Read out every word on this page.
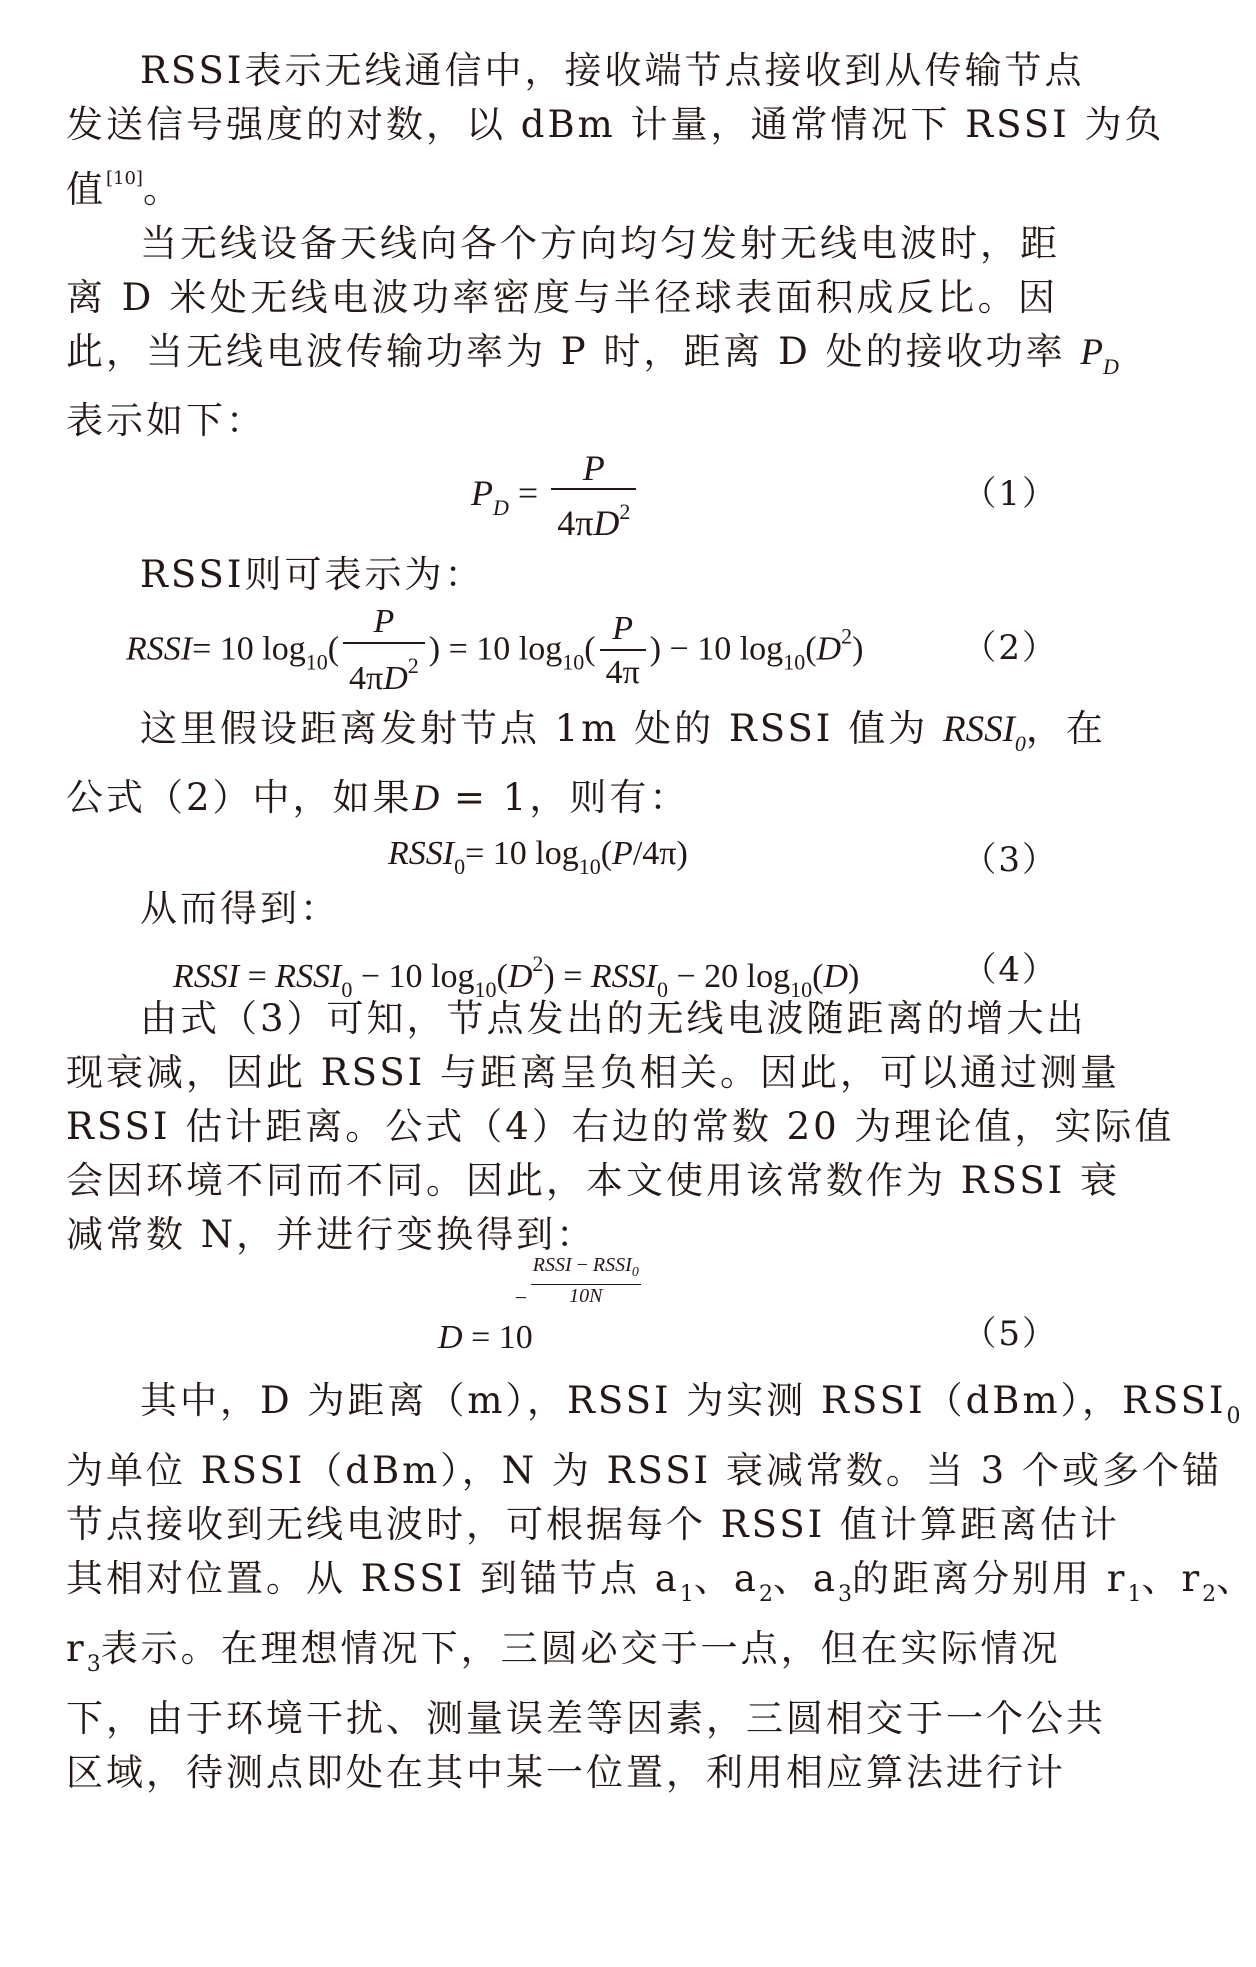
RSSI表示无线通信中，接收端节点接收到从传输节点

发送信号强度的对数，以 dBm 计量，通常情况下 RSSI 为负

值[10]。

当无线设备天线向各个方向均匀发射无线电波时，距

离 D 米处无线电波功率密度与半径球表面积成反比。因

此，当无线电波传输功率为 P 时，距离 D 处的接收功率 $P_D$

表示如下：

$P_D = \frac{P}{4\pi D^2}$	（1）

RSSI则可表示为：

RSSI= 10 $\log_{10}( \frac{P}{4\pi D^2}$ ) = 10 $\log_{10}( \frac{P}{4\pi}$ ) − 10 $\log_{10}(D^2)$	（2）

这里假设距离发射节点 1m 处的 RSSI 值为 $RSSI_0$，在

公式（2）中，如果D = 1，则有：

$RSSI_0= 10$ $\log_{10}(P/4\pi)$	（3）

从而得到：

RSSI = $RSSI_0 - 10$ $\log_{10}(D^2)$ = $RSSI_0 - 20$ $\log_{10}(D)$	（4）

由式（3）可知，节点发出的无线电波随距离的增大出

现衰减，因此 RSSI 与距离呈负相关。因此，可以通过测量

RSSI 估计距离。公式（4）右边的常数 20 为理论值，实际值

会因环境不同而不同。因此，本文使用该常数作为 RSSI 衰

减常数 N，并进行变换得到：

D = 10
−
RSSI − $RSSI_0$
10N
（5）

其中，D 为距离（m），RSSI 为实测 RSSI（dBm），$RSSI_0$

为单位 RSSI（dBm），N 为 RSSI 衰减常数。当 3 个或多个锚

节点接收到无线电波时，可根据每个 RSSI 值计算距离估计

其相对位置。从 RSSI 到锚节点 $a_1$、$a_2$、$a_3$的距离分别用 $r_1$、$r_2$、

$r_3$表示。在理想情况下，三圆必交于一点，但在实际情况

下，由于环境干扰、测量误差等因素，三圆相交于一个公共

区域，待测点即处在其中某一位置，利用相应算法进行计
